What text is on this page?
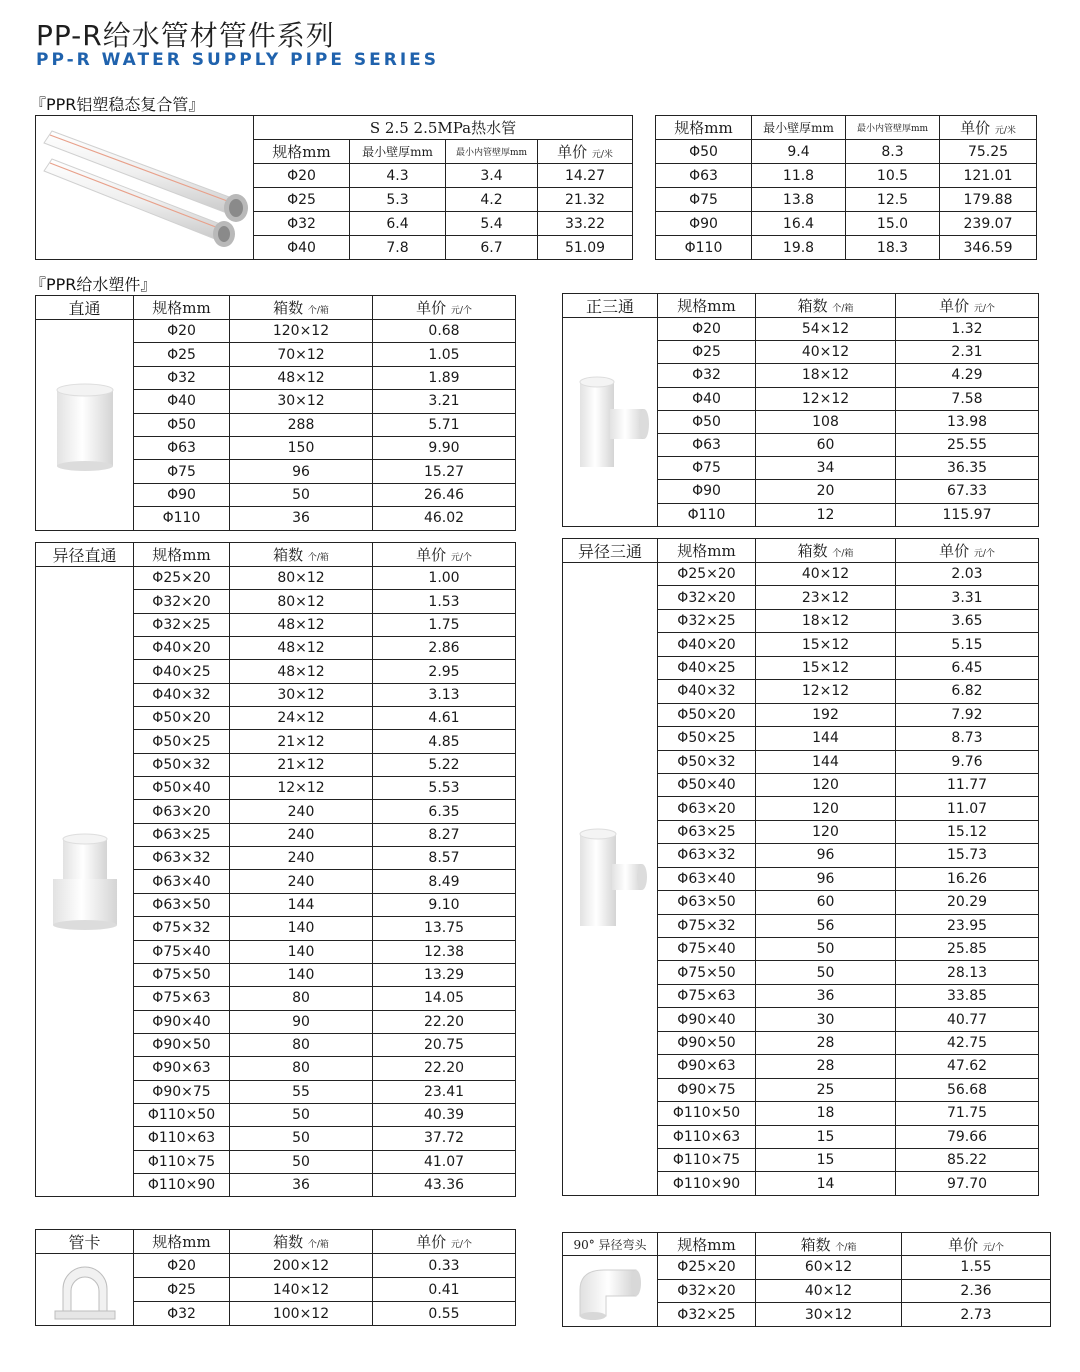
PP-R给水管材管件系列
PP-R WATER SUPPLY PIPE SERIES
『PPR铝塑稳态复合管』
『PPR给水塑件』
	S 2.5 2.5MPa热水管			
	规格mm	最小壁厚mm	最小内管壁厚mm	单价 元/米
	Φ20	4.3	3.4	14.27
	Φ25	5.3	4.2	21.32
	Φ32	6.4	5.4	33.22
	Φ40	7.8	6.7	51.09
规格mm	最小壁厚mm	最小内管壁厚mm	单价 元/米
Φ50	9.4	8.3	75.25
Φ63	11.8	10.5	121.01
Φ75	13.8	12.5	179.88
Φ90	16.4	15.0	239.07
Φ110	19.8	18.3	346.59
直通	规格mm	箱数 个/箱	单价 元/个

	Φ20	120×12	0.68
	Φ25	70×12	1.05
	Φ32	48×12	1.89
	Φ40	30×12	3.21
	Φ50	288	5.71
	Φ63	150	9.90
	Φ75	96	15.27
	Φ90	50	26.46
	Φ110	36	46.02
正三通	规格mm	箱数 个/箱	单价 元/个

	Φ20	54×12	1.32
	Φ25	40×12	2.31
	Φ32	18×12	4.29
	Φ40	12×12	7.58
	Φ50	108	13.98
	Φ63	60	25.55
	Φ75	34	36.35
	Φ90	20	67.33
	Φ110	12	115.97
异径直通	规格mm	箱数 个/箱	单价 元/个

	Φ25×20	80×12	1.00
	Φ32×20	80×12	1.53
	Φ32×25	48×12	1.75
	Φ40×20	48×12	2.86
	Φ40×25	48×12	2.95
	Φ40×32	30×12	3.13
	Φ50×20	24×12	4.61
	Φ50×25	21×12	4.85
	Φ50×32	21×12	5.22
	Φ50×40	12×12	5.53
	Φ63×20	240	6.35
	Φ63×25	240	8.27
	Φ63×32	240	8.57
	Φ63×40	240	8.49
	Φ63×50	144	9.10
	Φ75×32	140	13.75
	Φ75×40	140	12.38
	Φ75×50	140	13.29
	Φ75×63	80	14.05
	Φ90×40	90	22.20
	Φ90×50	80	20.75
	Φ90×63	80	22.20
	Φ90×75	55	23.41
	Φ110×50	50	40.39
	Φ110×63	50	37.72
	Φ110×75	50	41.07
	Φ110×90	36	43.36
异径三通	规格mm	箱数 个/箱	单价 元/个

	Φ25×20	40×12	2.03
	Φ32×20	23×12	3.31
	Φ32×25	18×12	3.65
	Φ40×20	15×12	5.15
	Φ40×25	15×12	6.45
	Φ40×32	12×12	6.82
	Φ50×20	192	7.92
	Φ50×25	144	8.73
	Φ50×32	144	9.76
	Φ50×40	120	11.77
	Φ63×20	120	11.07
	Φ63×25	120	15.12
	Φ63×32	96	15.73
	Φ63×40	96	16.26
	Φ63×50	60	20.29
	Φ75×32	56	23.95
	Φ75×40	50	25.85
	Φ75×50	50	28.13
	Φ75×63	36	33.85
	Φ90×40	30	40.77
	Φ90×50	28	42.75
	Φ90×63	28	47.62
	Φ90×75	25	56.68
	Φ110×50	18	71.75
	Φ110×63	15	79.66
	Φ110×75	15	85.22
	Φ110×90	14	97.70
管卡	规格mm	箱数 个/箱	单价 元/个

	Φ20	200×12	0.33
	Φ25	140×12	0.41
	Φ32	100×12	0.55
90° 异径弯头	规格mm	箱数 个/箱	单价 元/个

	Φ25×20	60×12	1.55
	Φ32×20	40×12	2.36
	Φ32×25	30×12	2.73
